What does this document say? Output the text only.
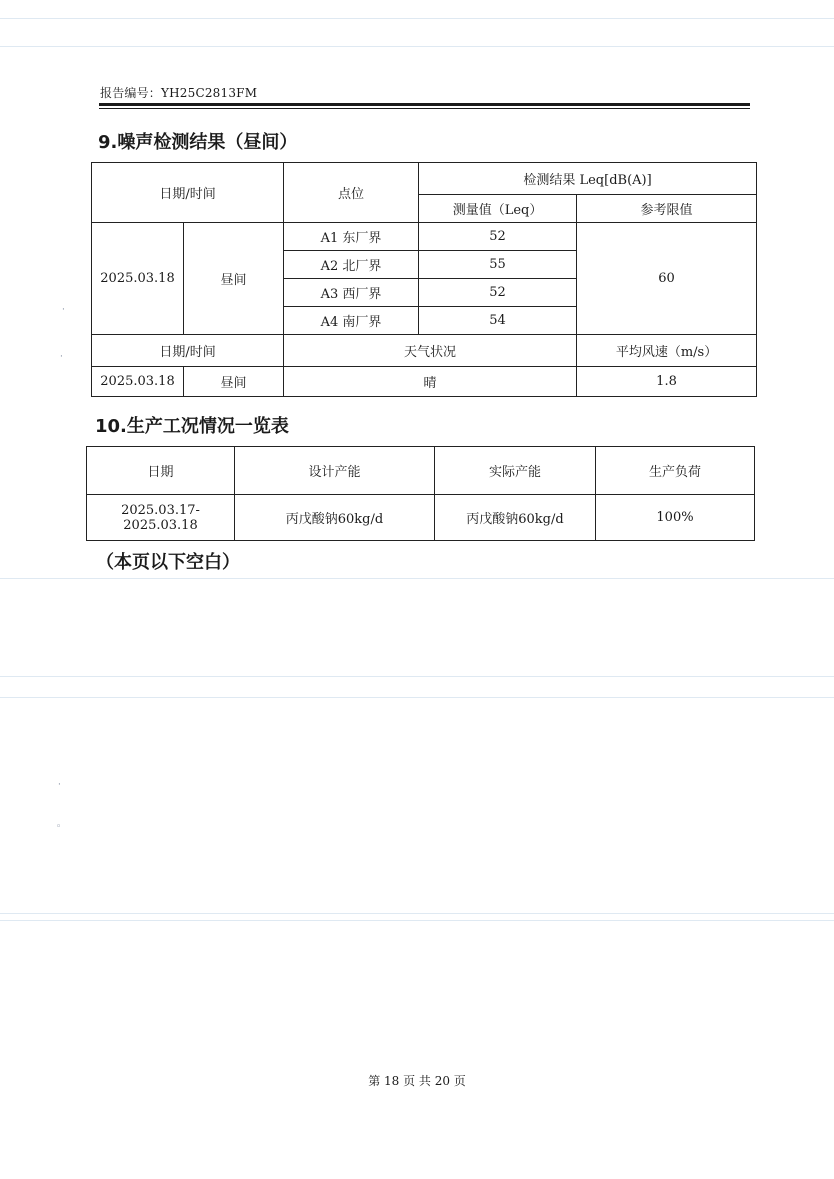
报告编号：YH25C2813FM
9.噪声检测结果（昼间）
日期/时间		点位	检测结果 Leq[dB(A)]	
			测量值（Leq）	参考限值
2025.03.18	昼间	A1 东厂界	52	60
		A2 北厂界	55	
		A3 西厂界	52	
		A4 南厂界	54	
日期/时间		天气状况		平均风速（m/s）
2025.03.18	昼间	晴		1.8
10.生产工况情况一览表
日期	设计产能	实际产能	生产负荷
2025.03.17-2025.03.18	丙戊酸钠60kg/d	丙戊酸钠60kg/d	100%
（本页以下空白）
·
·
·
◦
第 18 页 共 20 页
